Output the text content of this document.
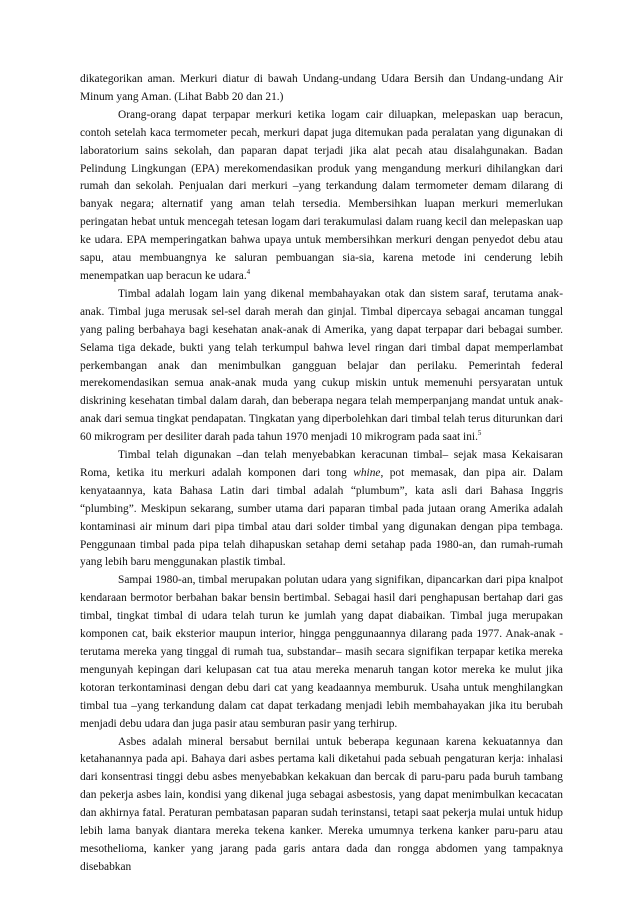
dikategorikan aman. Merkuri diatur di bawah Undang-undang Udara Bersih dan Undang-undang Air Minum yang Aman. (Lihat Babb 20 dan 21.)

Orang-orang dapat terpapar merkuri ketika logam cair diluapkan, melepaskan uap beracun, contoh setelah kaca termometer pecah, merkuri dapat juga ditemukan pada peralatan yang digunakan di laboratorium sains sekolah, dan paparan dapat terjadi jika alat pecah atau disalahgunakan. Badan Pelindung Lingkungan (EPA) merekomendasikan produk yang mengandung merkuri dihilangkan dari rumah dan sekolah. Penjualan dari merkuri –yang terkandung dalam termometer demam dilarang di banyak negara; alternatif yang aman telah tersedia. Membersihkan luapan merkuri memerlukan peringatan hebat untuk mencegah tetesan logam dari terakumulasi dalam ruang kecil dan melepaskan uap ke udara. EPA memperingatkan bahwa upaya untuk membersihkan merkuri dengan penyedot debu atau sapu, atau membuangnya ke saluran pembuangan sia-sia, karena metode ini cenderung lebih menempatkan uap beracun ke udara.$^4$

Timbal adalah logam lain yang dikenal membahayakan otak dan sistem saraf, terutama anak-anak. Timbal juga merusak sel-sel darah merah dan ginjal. Timbal dipercaya sebagai ancaman tunggal yang paling berbahaya bagi kesehatan anak-anak di Amerika, yang dapat terpapar dari bebagai sumber. Selama tiga dekade, bukti yang telah terkumpul bahwa level ringan dari timbal dapat memperlambat perkembangan anak dan menimbulkan gangguan belajar dan perilaku. Pemerintah federal merekomendasikan semua anak-anak muda yang cukup miskin untuk memenuhi persyaratan untuk diskrining kesehatan timbal dalam darah, dan beberapa negara telah memperpanjang mandat untuk anak-anak dari semua tingkat pendapatan. Tingkatan yang diperbolehkan dari timbal telah terus diturunkan dari 60 mikrogram per desiliter darah pada tahun 1970 menjadi 10 mikrogram pada saat ini.$^5$

Timbal telah digunakan –dan telah menyebabkan keracunan timbal– sejak masa Kekaisaran Roma, ketika itu merkuri adalah komponen dari tong whine, pot memasak, dan pipa air. Dalam kenyataannya, kata Bahasa Latin dari timbal adalah “plumbum”, kata asli dari Bahasa Inggris “plumbing”. Meskipun sekarang, sumber utama dari paparan timbal pada jutaan orang Amerika adalah kontaminasi air minum dari pipa timbal atau dari solder timbal yang digunakan dengan pipa tembaga. Penggunaan timbal pada pipa telah dihapuskan setahap demi setahap pada 1980-an, dan rumah-rumah yang lebih baru menggunakan plastik timbal.

Sampai 1980-an, timbal merupakan polutan udara yang signifikan, dipancarkan dari pipa knalpot kendaraan bermotor berbahan bakar bensin bertimbal. Sebagai hasil dari penghapusan bertahap dari gas timbal, tingkat timbal di udara telah turun ke jumlah yang dapat diabaikan. Timbal juga merupakan komponen cat, baik eksterior maupun interior, hingga penggunaannya dilarang pada 1977. Anak-anak -terutama mereka yang tinggal di rumah tua, substandar– masih secara signifikan terpapar ketika mereka mengunyah kepingan dari kelupasan cat tua atau mereka menaruh tangan kotor mereka ke mulut jika kotoran terkontaminasi dengan debu dari cat yang keadaannya memburuk. Usaha untuk menghilangkan timbal tua –yang terkandung dalam cat dapat terkadang menjadi lebih membahayakan jika itu berubah menjadi debu udara dan juga pasir atau semburan pasir yang terhirup.

Asbes adalah mineral bersabut bernilai untuk beberapa kegunaan karena kekuatannya dan ketahanannya pada api. Bahaya dari asbes pertama kali diketahui pada sebuah pengaturan kerja: inhalasi dari konsentrasi tinggi debu asbes menyebabkan kekakuan dan bercak di paru-paru pada buruh tambang dan pekerja asbes lain, kondisi yang dikenal juga sebagai asbestosis, yang dapat menimbulkan kecacatan dan akhirnya fatal. Peraturan pembatasan paparan sudah terinstansi, tetapi saat pekerja mulai untuk hidup lebih lama banyak diantara mereka tekena kanker. Mereka umumnya terkena kanker paru-paru atau mesothelioma, kanker yang jarang pada garis antara dada dan rongga abdomen yang tampaknya disebabkan
